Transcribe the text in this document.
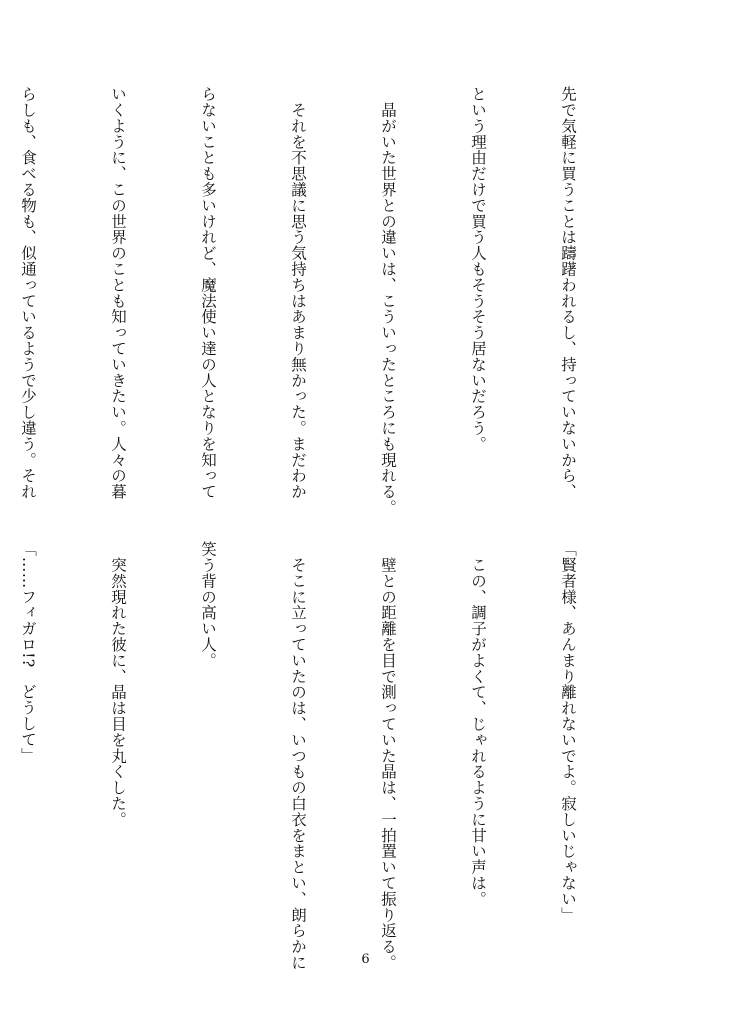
先で気軽に買うことは躊躇われるし、持っていないから、

という理由だけで買う人もそうそう居ないだろう。

　晶がいた世界との違いは、こういったところにも現れる。

　それを不思議に思う気持ちはあまり無かった。まだわか

らないことも多いけれど、魔法使い達の人となりを知って

いくように、この世界のことも知っていきたい。人々の暮

らしも、食べる物も、似通っているようで少し違う。それ

「賢者様、あんまり離れないでよ。寂しいじゃない」

　この、調子がよくて、じゃれるように甘い声は。

　壁との距離を目で測っていた晶は、一拍置いて振り返る。

　そこに立っていたのは、いつもの白衣をまとい、朗らかに

笑う背の高い人。

　突然現れた彼に、晶は目を丸くした。

「……フィガロ!?　どうして」

6
